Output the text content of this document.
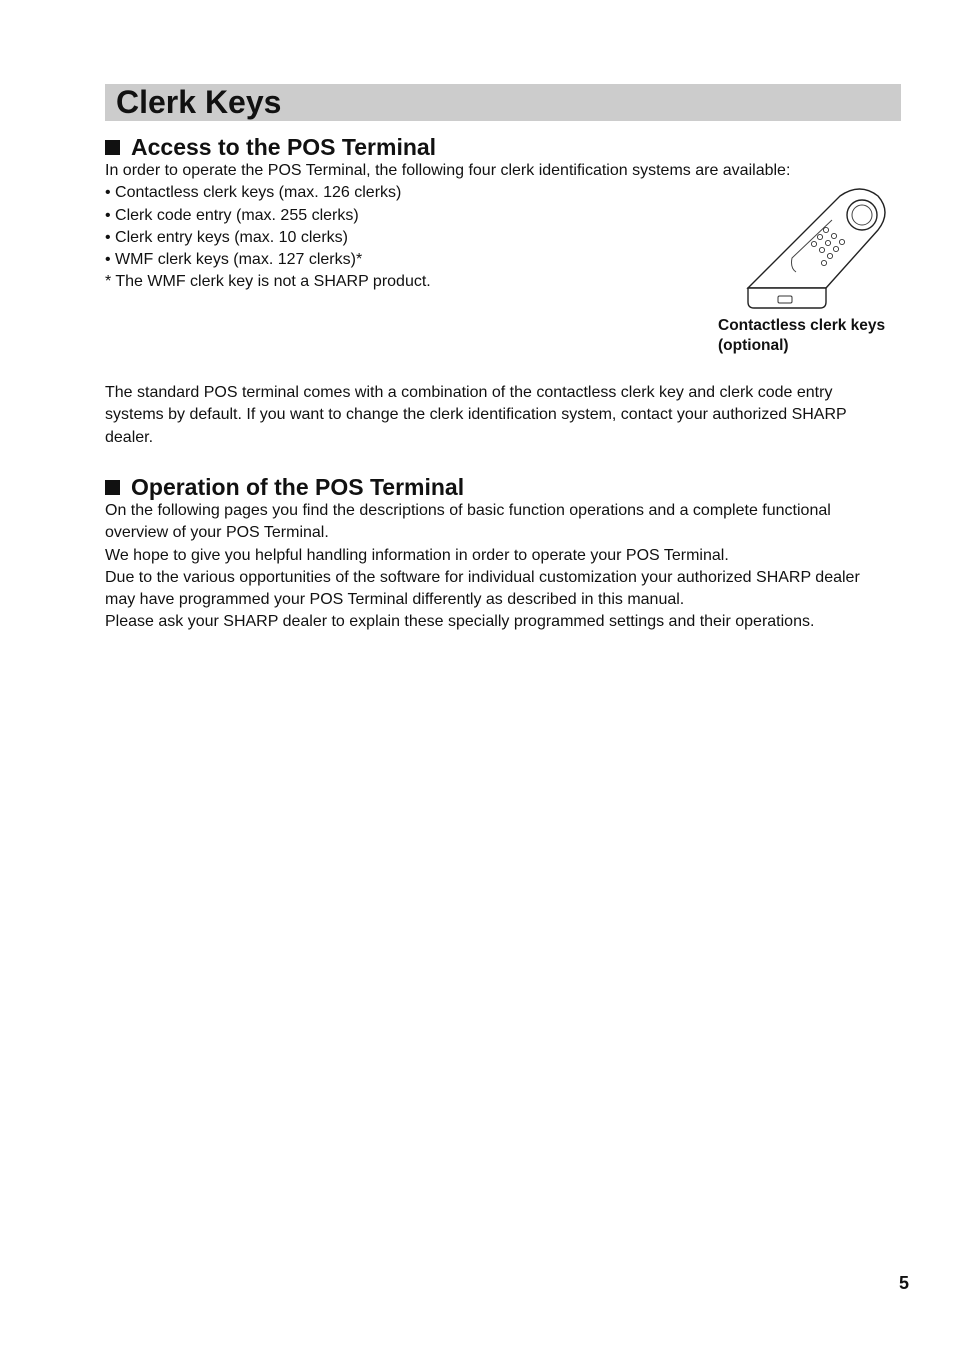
Clerk Keys
Access to the POS Terminal
In order to operate the POS Terminal, the following four clerk identification systems are available:
• Contactless clerk keys (max. 126 clerks)
• Clerk code entry (max. 255 clerks)
• Clerk entry keys (max. 10 clerks)
• WMF clerk keys (max. 127 clerks)*
* The WMF clerk key is not a SHARP product.
Contactless clerk keys
(optional)
The standard POS terminal comes with a combination of the contactless clerk key and clerk code entry
systems by default. If you want to change the clerk identification system, contact your authorized SHARP
dealer.
Operation of the POS Terminal
On the following pages you find the descriptions of basic function operations and a complete functional
overview of your POS Terminal.
We hope to give you helpful handling information in order to operate your POS Terminal.
Due to the various opportunities of the software for individual customization your authorized SHARP dealer
may have programmed your POS Terminal differently as described in this manual.
Please ask your SHARP dealer to explain these specially programmed settings and their operations.
5
